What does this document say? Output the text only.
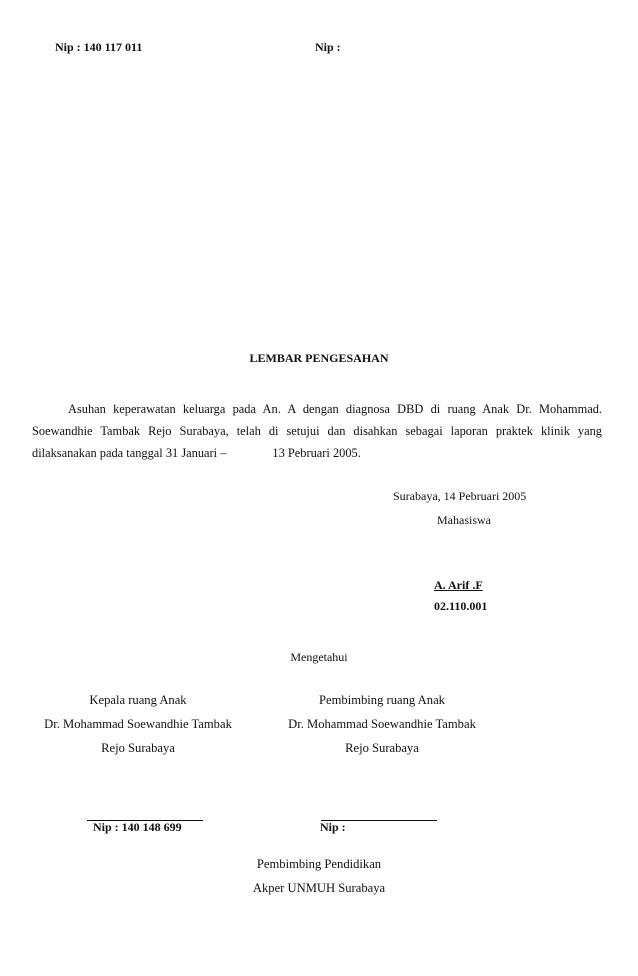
Nip : 140 117 011	Nip :
LEMBAR PENGESAHAN
Asuhan keperawatan keluarga pada An. A dengan diagnosa DBD di ruang Anak Dr. Mohammad.
Soewandhie Tambak Rejo Surabaya, telah di setujui dan disahkan sebagai laporan praktek klinik yang
dilaksanakan pada tanggal 31 Januari –	13 Pebruari 2005.
Surabaya, 14 Pebruari 2005
Mahasiswa
A. Arif .F
02.110.001
Mengetahui
Kepala ruang Anak
Dr. Mohammad Soewandhie Tambak
Rejo Surabaya
Pembimbing ruang Anak
Dr. Mohammad Soewandhie Tambak
Rejo Surabaya
Nip : 140 148 699	Nip :
Pembimbing Pendidikan
Akper UNMUH Surabaya
